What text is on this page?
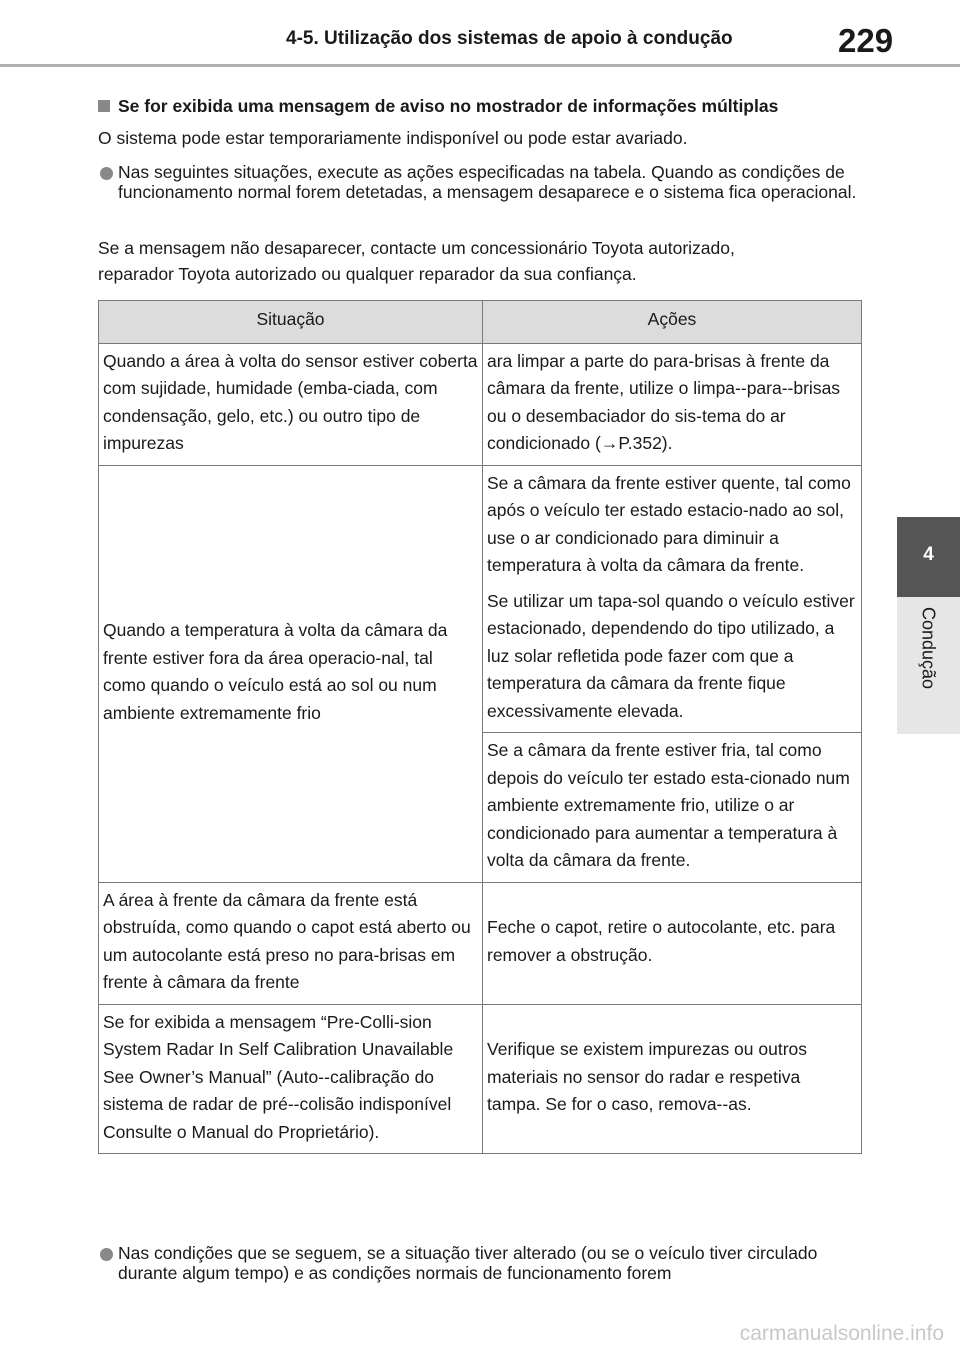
4-5. Utilização dos sistemas de apoio à condução	229
4
Condução
Se for exibida uma mensagem de aviso no mostrador de informações múltiplas
O sistema pode estar temporariamente indisponível ou pode estar avariado.
Nas seguintes situações, execute as ações especificadas na tabela. Quando as condições de funcionamento normal forem detetadas, a mensagem desaparece e o sistema fica operacional.
Se a mensagem não desaparecer, contacte um concessionário Toyota autorizado,
reparador Toyota autorizado ou qualquer reparador da sua confiança.
Situação	Ações
Quando a área à volta do sensor estiver coberta com sujidade, humidade (emba-ciada, com condensação, gelo, etc.) ou outro tipo de impurezas	ara limpar a parte do para-brisas à frente da câmara da frente, utilize o limpa--para--brisas ou o desembaciador do sis-tema do ar condicionado (→P.352).
Quando a temperatura à volta da câmara da frente estiver fora da área operacio-nal, tal como quando o veículo está ao sol ou num ambiente extremamente frio	Se a câmara da frente estiver quente, tal como após o veículo ter estado estacio-nado ao sol, use o ar condicionado para diminuir a temperatura à volta da câmara da frente.

Se utilizar um tapa-sol quando o veículo estiver estacionado, dependendo do tipo utilizado, a luz solar refletida pode fazer com que a temperatura da câmara da frente fique excessivamente elevada.

	Se a câmara da frente estiver fria, tal como depois do veículo ter estado esta-cionado num ambiente extremamente frio, utilize o ar condicionado para aumentar a temperatura à volta da câmara da frente.
A área à frente da câmara da frente está obstruída, como quando o capot está aberto ou um autocolante está preso no para-brisas em frente à câmara da frente	Feche o capot, retire o autocolante, etc. para remover a obstrução.
Se for exibida a mensagem “Pre-Colli-sion System Radar In Self Calibration Unavailable See Owner’s Manual” (Auto--calibração do sistema de radar de pré--colisão indisponível Consulte o Manual do Proprietário).	Verifique se existem impurezas ou outros materiais no sensor do radar e respetiva tampa. Se for o caso, remova--as.
Nas condições que se seguem, se a situação tiver alterado (ou se o veículo tiver circulado durante algum tempo) e as condições normais de funcionamento forem
carmanualsonline.info
